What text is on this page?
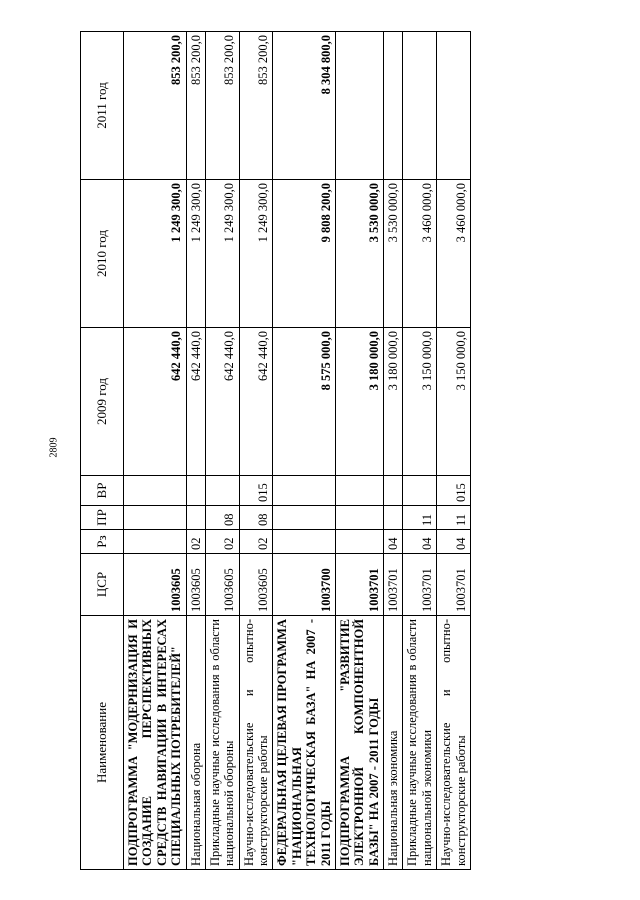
2809
Наименование	ЦСР	Рз	ПР	ВР	2009 год	2010 год	2011 год
ПОДПРОГРАММА "МОДЕРНИЗАЦИЯ И СОЗДАНИЕ ПЕРСПЕКТИВНЫХ СРЕДСТВ НАВИГАЦИИ В ИНТЕРЕСАХ СПЕЦИАЛЬНЫХ ПОТРЕБИТЕЛЕЙ"	1003605				642 440,0	1 249 300,0	853 200,0
Национальная оборона	1003605	02			642 440,0	1 249 300,0	853 200,0
Прикладные научные исследования в области национальной обороны	1003605	02	08		642 440,0	1 249 300,0	853 200,0
Научно-исследовательские и опытно-конструкторские работы	1003605	02	08	015	642 440,0	1 249 300,0	853 200,0
ФЕДЕРАЛЬНАЯ ЦЕЛЕВАЯ ПРОГРАММА "НАЦИОНАЛЬНАЯ ТЕХНОЛОГИЧЕСКАЯ БАЗА" НА 2007 - 2011 ГОДЫ	1003700				8 575 000,0	9 808 200,0	8 304 800,0
ПОДПРОГРАММА "РАЗВИТИЕ ЭЛЕКТРОННОЙ КОМПОНЕНТНОЙ БАЗЫ" НА 2007 - 2011 ГОДЫ	1003701				3 180 000,0	3 530 000,0	
Национальная экономика	1003701	04			3 180 000,0	3 530 000,0	
Прикладные научные исследования в области национальной экономики	1003701	04	11		3 150 000,0	3 460 000,0	
Научно-исследовательские и опытно-конструкторские работы	1003701	04	11	015	3 150 000,0	3 460 000,0	
